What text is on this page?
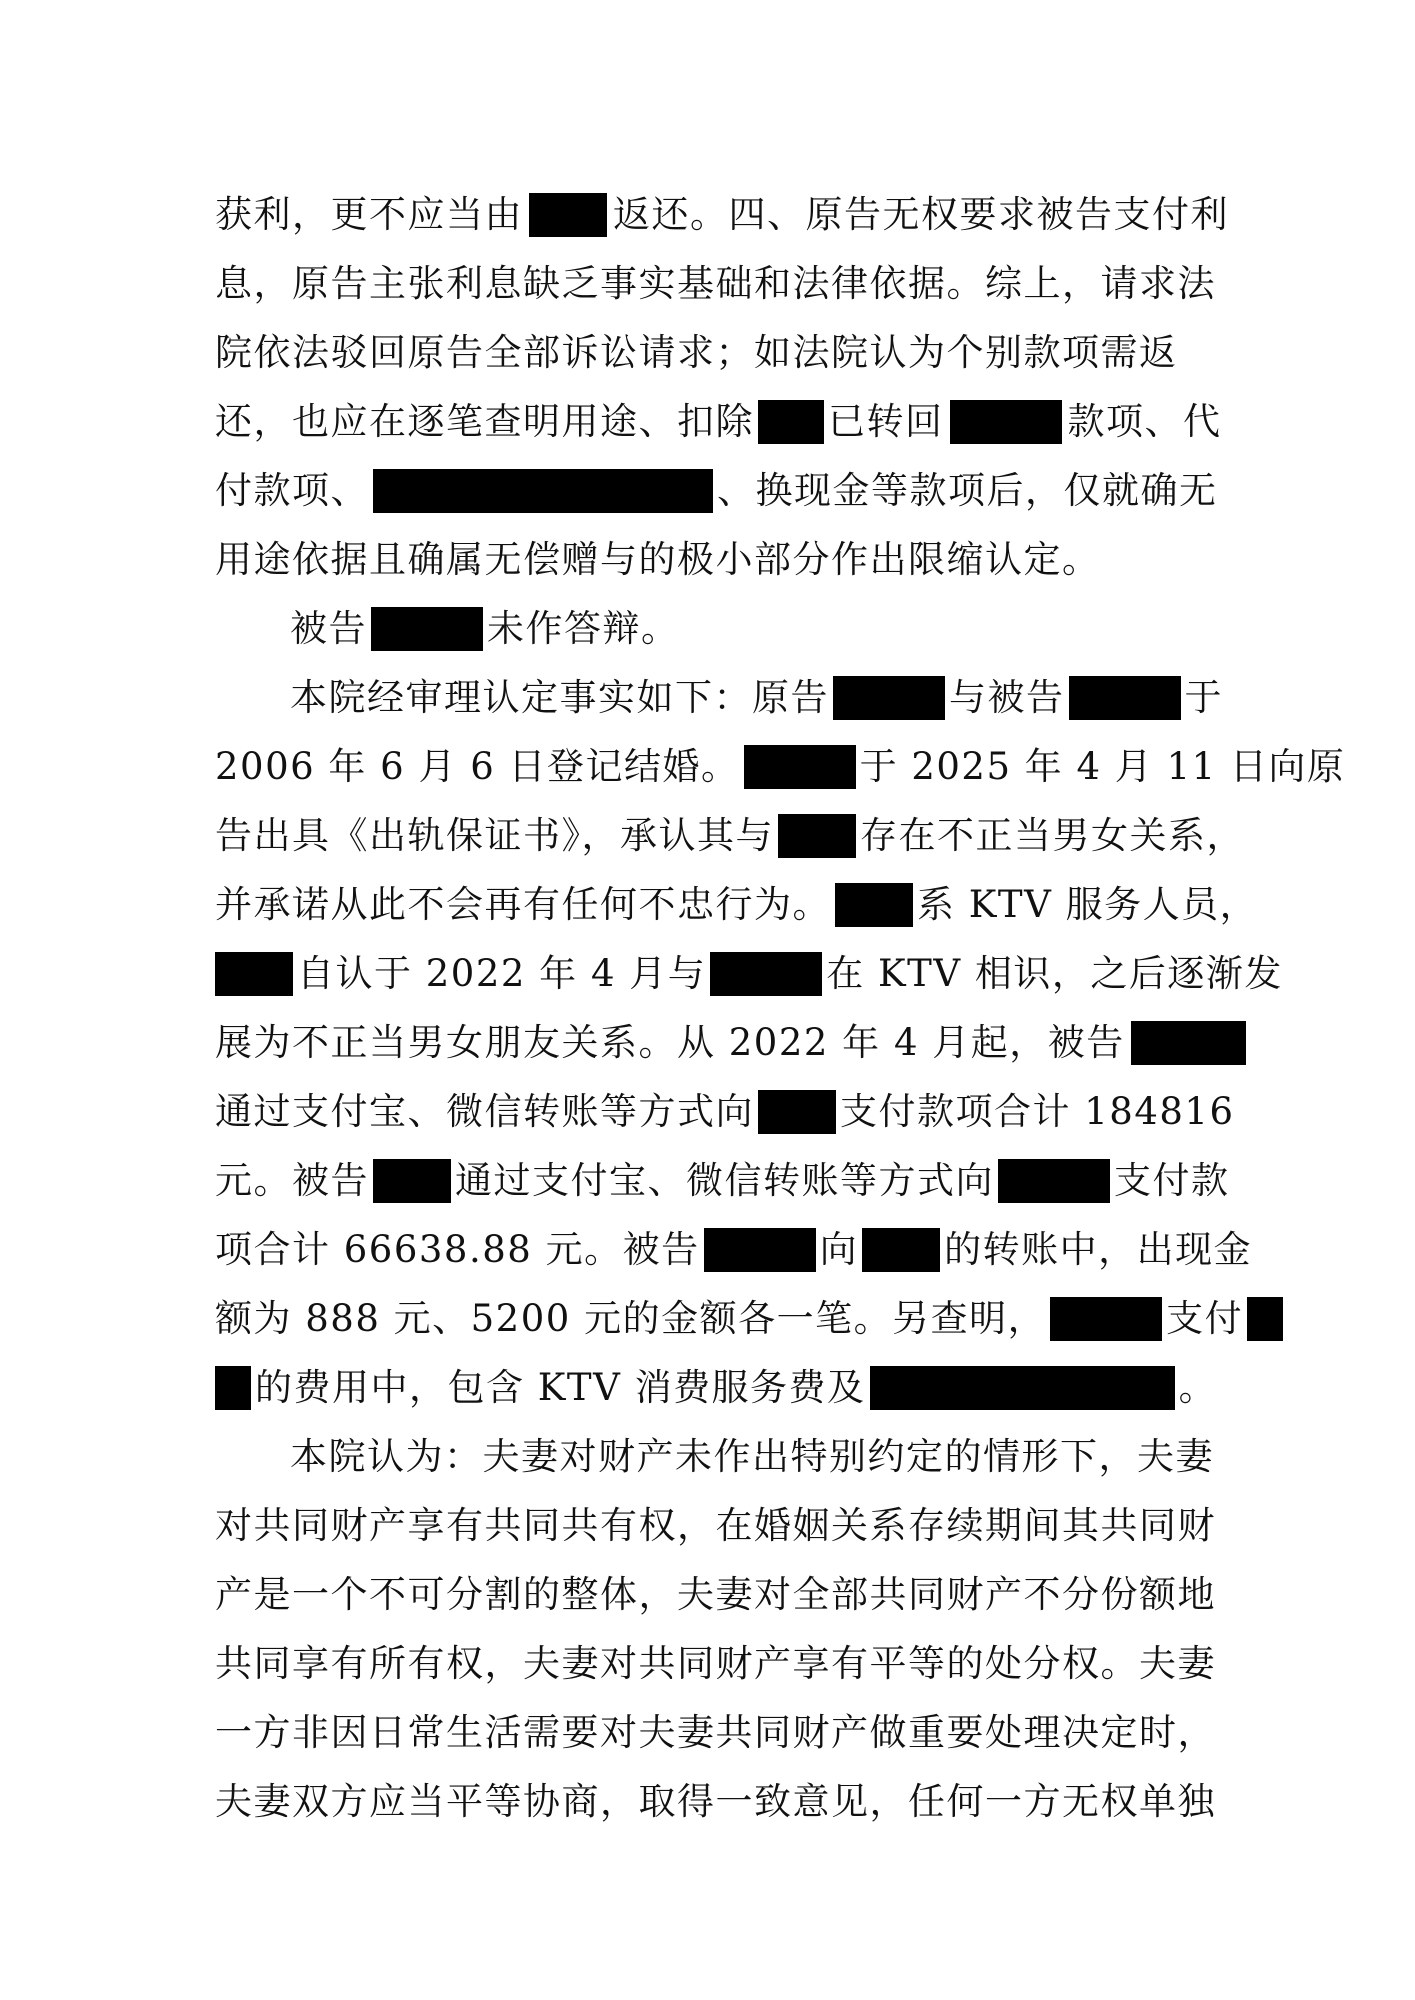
获利，更不应当由 返还。四、原告无权要求被告支付利
息，原告主张利息缺乏事实基础和法律依据。综上，请求法
院依法驳回原告全部诉讼请求；如法院认为个别款项需返
还，也应在逐笔查明用途、扣除 已转回	款项、代
付款项、	、换现金等款项后，仅就确无
用途依据且确属无偿赠与的极小部分作出限缩认定。
被告	未作答辩。
本院经审理认定事实如下：原告	与被告	于
2006 年 6 月 6 日登记结婚。	于 2025 年 4 月 11 日向原
告出具《出轨保证书》，承认其与 存在不正当男女关系，
并承诺从此不会再有任何不忠行为。 系 KTV 服务人员，
自认于 2022 年 4 月与	在 KTV 相识，之后逐渐发
展为不正当男女朋友关系。从 2022 年 4 月起，被告
通过支付宝、微信转账等方式向 支付款项合计 184816
元。被告 通过支付宝、微信转账等方式向	支付款
项合计 66638.88 元。被告	向 的转账中，出现金
额为 888 元、5200 元的金额各一笔。另查明，	支付
的费用中，包含 KTV 消费服务费及	。
本院认为：夫妻对财产未作出特别约定的情形下，夫妻
对共同财产享有共同共有权，在婚姻关系存续期间其共同财
产是一个不可分割的整体，夫妻对全部共同财产不分份额地
共同享有所有权，夫妻对共同财产享有平等的处分权。夫妻
一方非因日常生活需要对夫妻共同财产做重要处理决定时，
夫妻双方应当平等协商，取得一致意见，任何一方无权单独
